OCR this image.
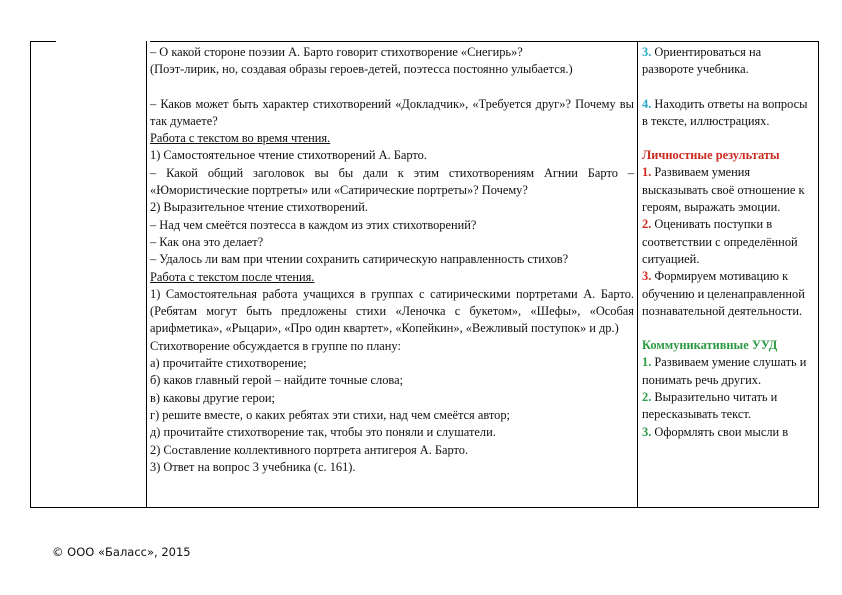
– О какой стороне поэзии А. Барто говорит стихотворение «Снегирь»?

(Поэт-лирик, но, создавая образы героев-детей, поэтесса постоянно улыбается.)

– Каков может быть характер стихотворений «Докладчик», «Требуется друг»? Почему вы так думаете?

Работа с текстом во время чтения.

1) Самостоятельное чтение стихотворений А. Барто.

– Какой общий заголовок вы бы дали к этим стихотворениям Агнии Барто – «Юмористические портреты» или «Сатирические портреты»? Почему?

2) Выразительное чтение стихотворений.

– Над чем смеётся поэтесса в каждом из этих стихотворений?

– Как она это делает?

– Удалось ли вам при чтении сохранить сатирическую направленность стихов?

Работа с текстом после чтения.

1) Самостоятельная работа учащихся в группах с сатирическими портретами А. Барто. (Ребятам могут быть предложены стихи «Леночка с букетом», «Шефы», «Особая арифметика», «Рыцари», «Про один квартет», «Копейкин», «Вежливый поступок» и др.)

Стихотворение обсуждается в группе по плану:

а) прочитайте стихотворение;

б) каков главный герой – найдите точные слова;

в) каковы другие герои;

г) решите вместе, о каких ребятах эти стихи, над чем смеётся автор;

д) прочитайте стихотворение так, чтобы это поняли и слушатели.

2) Составление коллективного портрета антигероя А. Барто.

3) Ответ на вопрос 3 учебника (с. 161).

3. Ориентироваться на развороте учебника.

4. Находить ответы на вопросы в тексте, иллюстрациях.

Личностные результаты

1. Развиваем умения высказывать своё отношение к героям, выражать эмоции.

2. Оценивать поступки в соответствии с определённой ситуацией.

3. Формируем мотивацию к обучению и целенаправленной познавательной деятельности.

Коммуникативные УУД

1. Развиваем умение слушать и понимать речь других.

2. Выразительно читать и пересказывать текст.

3. Оформлять свои мысли в

© ООО «Баласс», 2015
